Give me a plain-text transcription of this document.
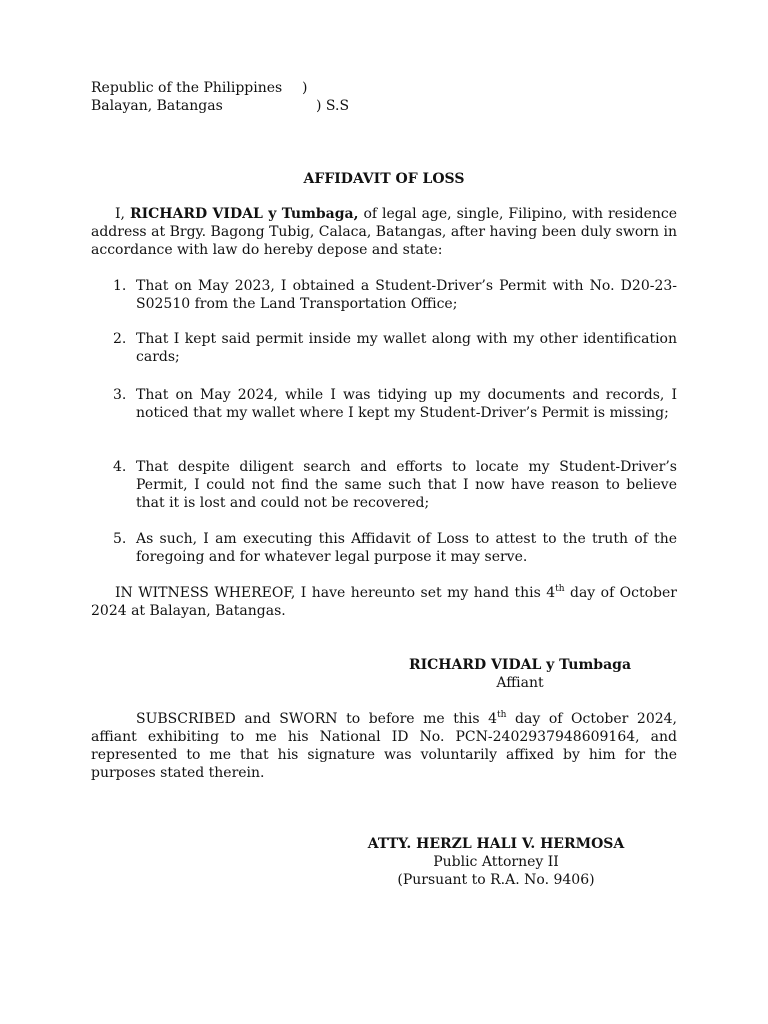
Republic of the Philippines )
Balayan, Batangas	) S.S
AFFIDAVIT OF LOSS
I, RICHARD VIDAL y Tumbaga, of legal age, single, Filipino, with residence address at Brgy. Bagong Tubig, Calaca, Batangas, after having been duly sworn in accordance with law do hereby depose and state:
1. That on May 2023, I obtained a Student-Driver’s Permit with No. D20-23-S02510 from the Land Transportation Office;
2. That I kept said permit inside my wallet along with my other identification cards;
3. That on May 2024, while I was tidying up my documents and records, I noticed that my wallet where I kept my Student-Driver’s Permit is missing;
4. That despite diligent search and efforts to locate my Student-Driver’s Permit, I could not find the same such that I now have reason to believe that it is lost and could not be recovered;
5. As such, I am executing this Affidavit of Loss to attest to the truth of the foregoing and for whatever legal purpose it may serve.
IN WITNESS WHEREOF, I have hereunto set my hand this 4th day of October 2024 at Balayan, Batangas.
RICHARD VIDAL y Tumbaga
Affiant
SUBSCRIBED and SWORN to before me this 4th day of October 2024, affiant exhibiting to me his National ID No. PCN-2402937948609164, and represented to me that his signature was voluntarily affixed by him for the purposes stated therein.
ATTY. HERZL HALI V. HERMOSA
Public Attorney II
(Pursuant to R.A. No. 9406)
